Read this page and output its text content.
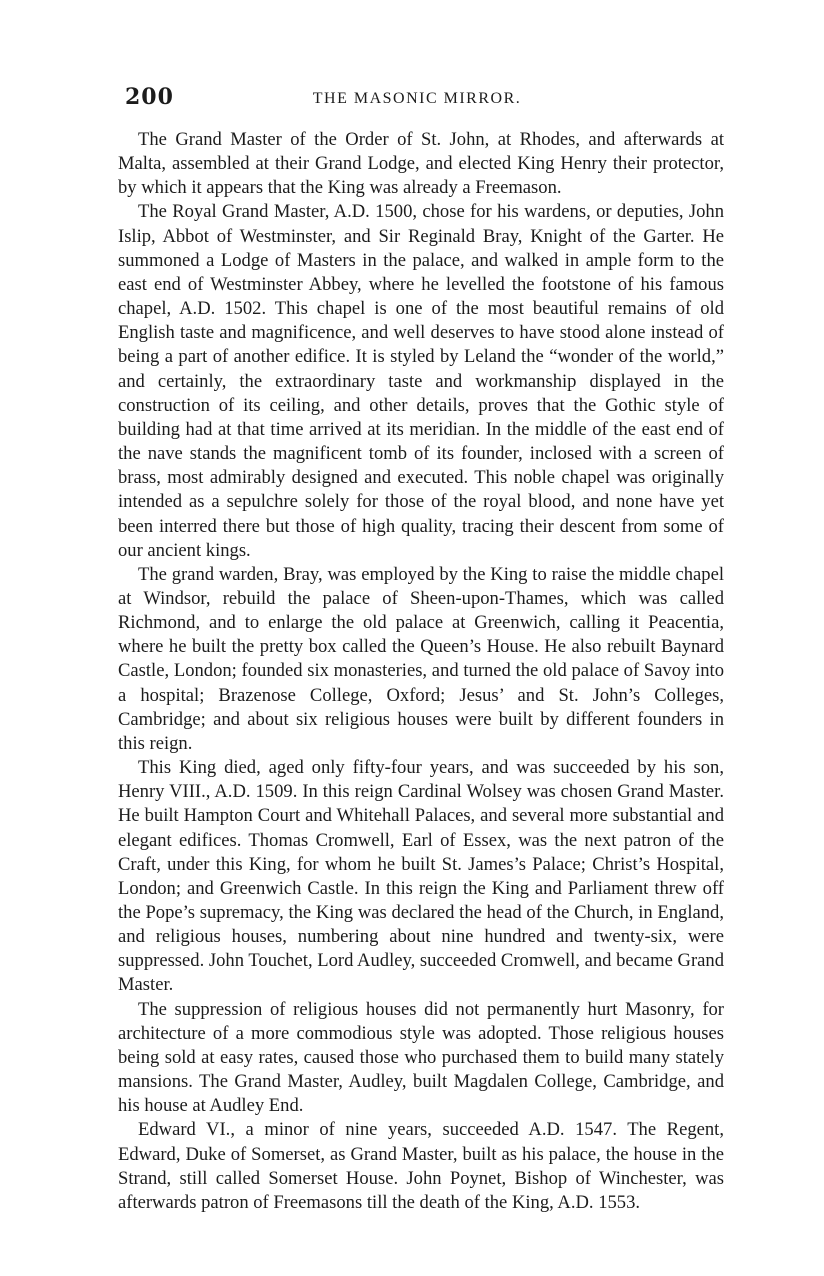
200	THE MASONIC MIRROR.

The Grand Master of the Order of St. John, at Rhodes, and afterwards at Malta, assembled at their Grand Lodge, and elected King Henry their protector, by which it appears that the King was already a Freemason.

The Royal Grand Master, A.D. 1500, chose for his wardens, or deputies, John Islip, Abbot of Westminster, and Sir Reginald Bray, Knight of the Garter. He summoned a Lodge of Masters in the palace, and walked in ample form to the east end of Westminster Abbey, where he levelled the footstone of his famous chapel, A.D. 1502. This chapel is one of the most beautiful remains of old English taste and magnificence, and well deserves to have stood alone instead of being a part of another edifice. It is styled by Leland the “wonder of the world,” and certainly, the extraordinary taste and workmanship displayed in the construction of its ceiling, and other details, proves that the Gothic style of building had at that time arrived at its meridian. In the middle of the east end of the nave stands the magnificent tomb of its founder, inclosed with a screen of brass, most admirably designed and executed. This noble chapel was originally intended as a sepulchre solely for those of the royal blood, and none have yet been interred there but those of high quality, tracing their descent from some of our ancient kings.

The grand warden, Bray, was employed by the King to raise the middle chapel at Windsor, rebuild the palace of Sheen-upon-Thames, which was called Richmond, and to enlarge the old palace at Greenwich, calling it Peacentia, where he built the pretty box called the Queen’s House. He also rebuilt Baynard Castle, London; founded six monasteries, and turned the old palace of Savoy into a hospital; Brazenose College, Oxford; Jesus’ and St. John’s Colleges, Cambridge; and about six religious houses were built by different founders in this reign.

This King died, aged only fifty-four years, and was succeeded by his son, Henry VIII., A.D. 1509. In this reign Cardinal Wolsey was chosen Grand Master. He built Hampton Court and Whitehall Palaces, and several more substantial and elegant edifices. Thomas Cromwell, Earl of Essex, was the next patron of the Craft, under this King, for whom he built St. James’s Palace; Christ’s Hospital, London; and Greenwich Castle. In this reign the King and Parliament threw off the Pope’s supremacy, the King was declared the head of the Church, in England, and religious houses, numbering about nine hundred and twenty-six, were suppressed. John Touchet, Lord Audley, succeeded Cromwell, and became Grand Master.

The suppression of religious houses did not permanently hurt Masonry, for architecture of a more commodious style was adopted. Those religious houses being sold at easy rates, caused those who purchased them to build many stately mansions. The Grand Master, Audley, built Magdalen College, Cambridge, and his house at Audley End.

Edward VI., a minor of nine years, succeeded A.D. 1547. The Regent, Edward, Duke of Somerset, as Grand Master, built as his palace, the house in the Strand, still called Somerset House. John Poynet, Bishop of Winchester, was afterwards patron of Freemasons till the death of the King, A.D. 1553.
